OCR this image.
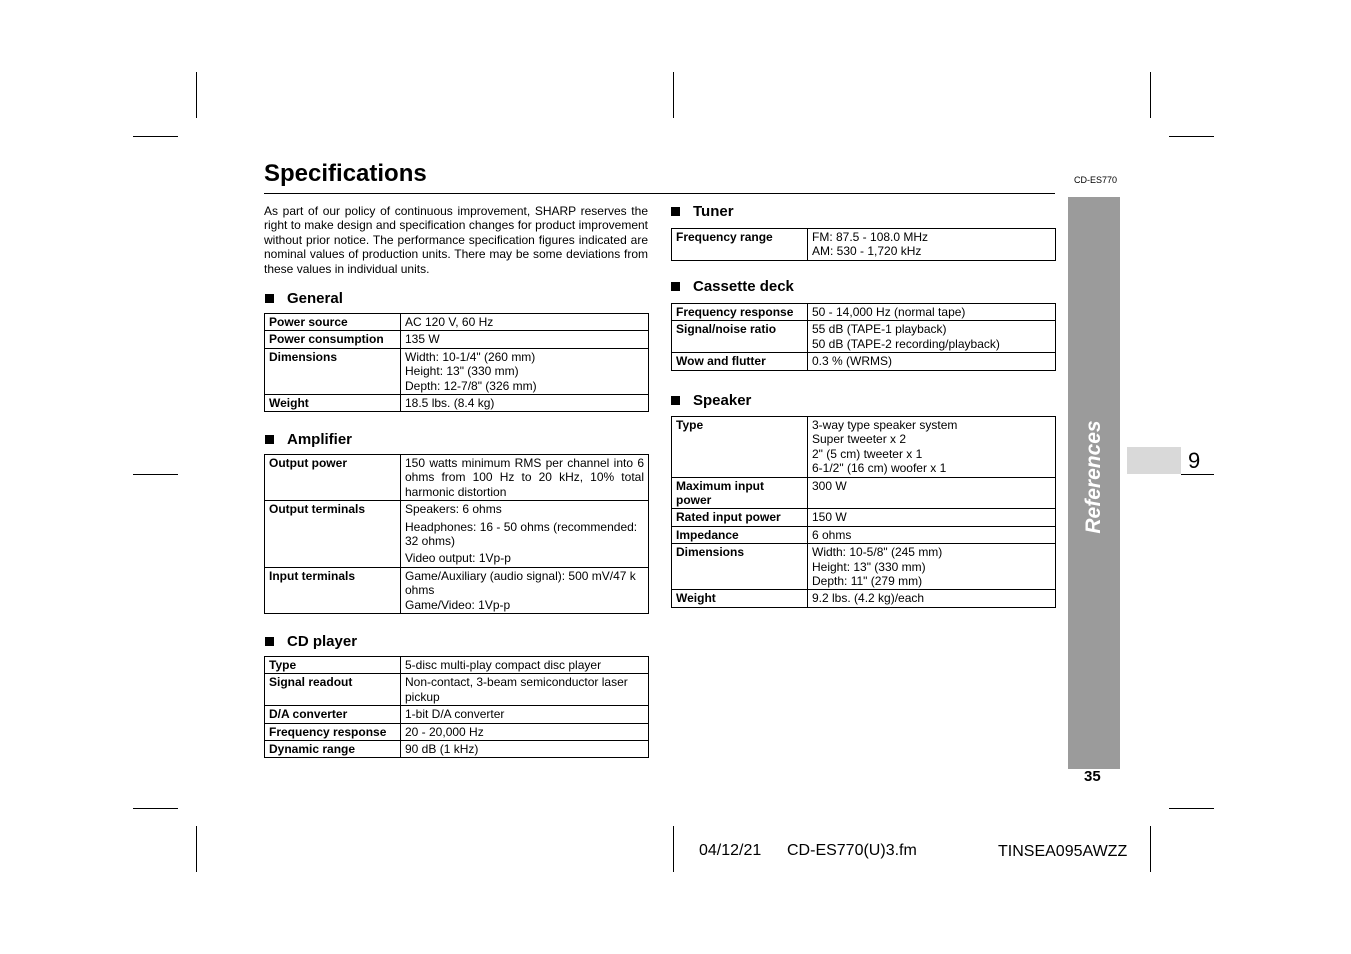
Specifications	CD-ES770
As part of our policy of continuous improvement, SHARP reserves the right to make design and specification changes for product improvement without prior notice. The performance specification figures indicated are nominal values of production units. There may be some deviations from these values in individual units.
General
Power source	AC 120 V, 60 Hz

Power consumption	135 W

Dimensions	Width: 10-1/4" (260 mm)
Height: 13" (330 mm)
Depth: 12-7/8" (326 mm)

Weight	18.5 lbs. (8.4 kg)
Amplifier
Output power	150 watts minimum RMS per channel into 6 ohms from 100 Hz to 20 kHz, 10% total harmonic distortion

Output terminals	Speakers: 6 ohms
Headphones: 16 - 50 ohms (recommended: 32 ohms)
Video output: 1Vp-p

Input terminals	Game/Auxiliary (audio signal): 500 mV/47 k ohms
Game/Video: 1Vp-p
CD player
Type	5-disc multi-play compact disc player

Signal readout	Non-contact, 3-beam semiconductor laser pickup

D/A converter	1-bit D/A converter

Frequency response	20 - 20,000 Hz

Dynamic range	90 dB (1 kHz)
Tuner
Frequency range	FM: 87.5 - 108.0 MHz
AM: 530 - 1,720 kHz
Cassette deck
Frequency response	50 - 14,000 Hz (normal tape)

Signal/noise ratio	55 dB (TAPE-1 playback)
50 dB (TAPE-2 recording/playback)

Wow and flutter	0.3 % (WRMS)
Speaker
Type	3-way type speaker system
Super tweeter x 2
2" (5 cm) tweeter x 1
6-1/2" (16 cm) woofer x 1

Maximum input power	300 W

Rated input power	150 W

Impedance	6 ohms

Dimensions	Width: 10-5/8" (245 mm)
Height: 13" (330 mm)
Depth: 11" (279 mm)

Weight	9.2 lbs. (4.2 kg)/each
References	9
35
04/12/21 CD-ES770(U)3.fm	TINSEA095AWZZ
